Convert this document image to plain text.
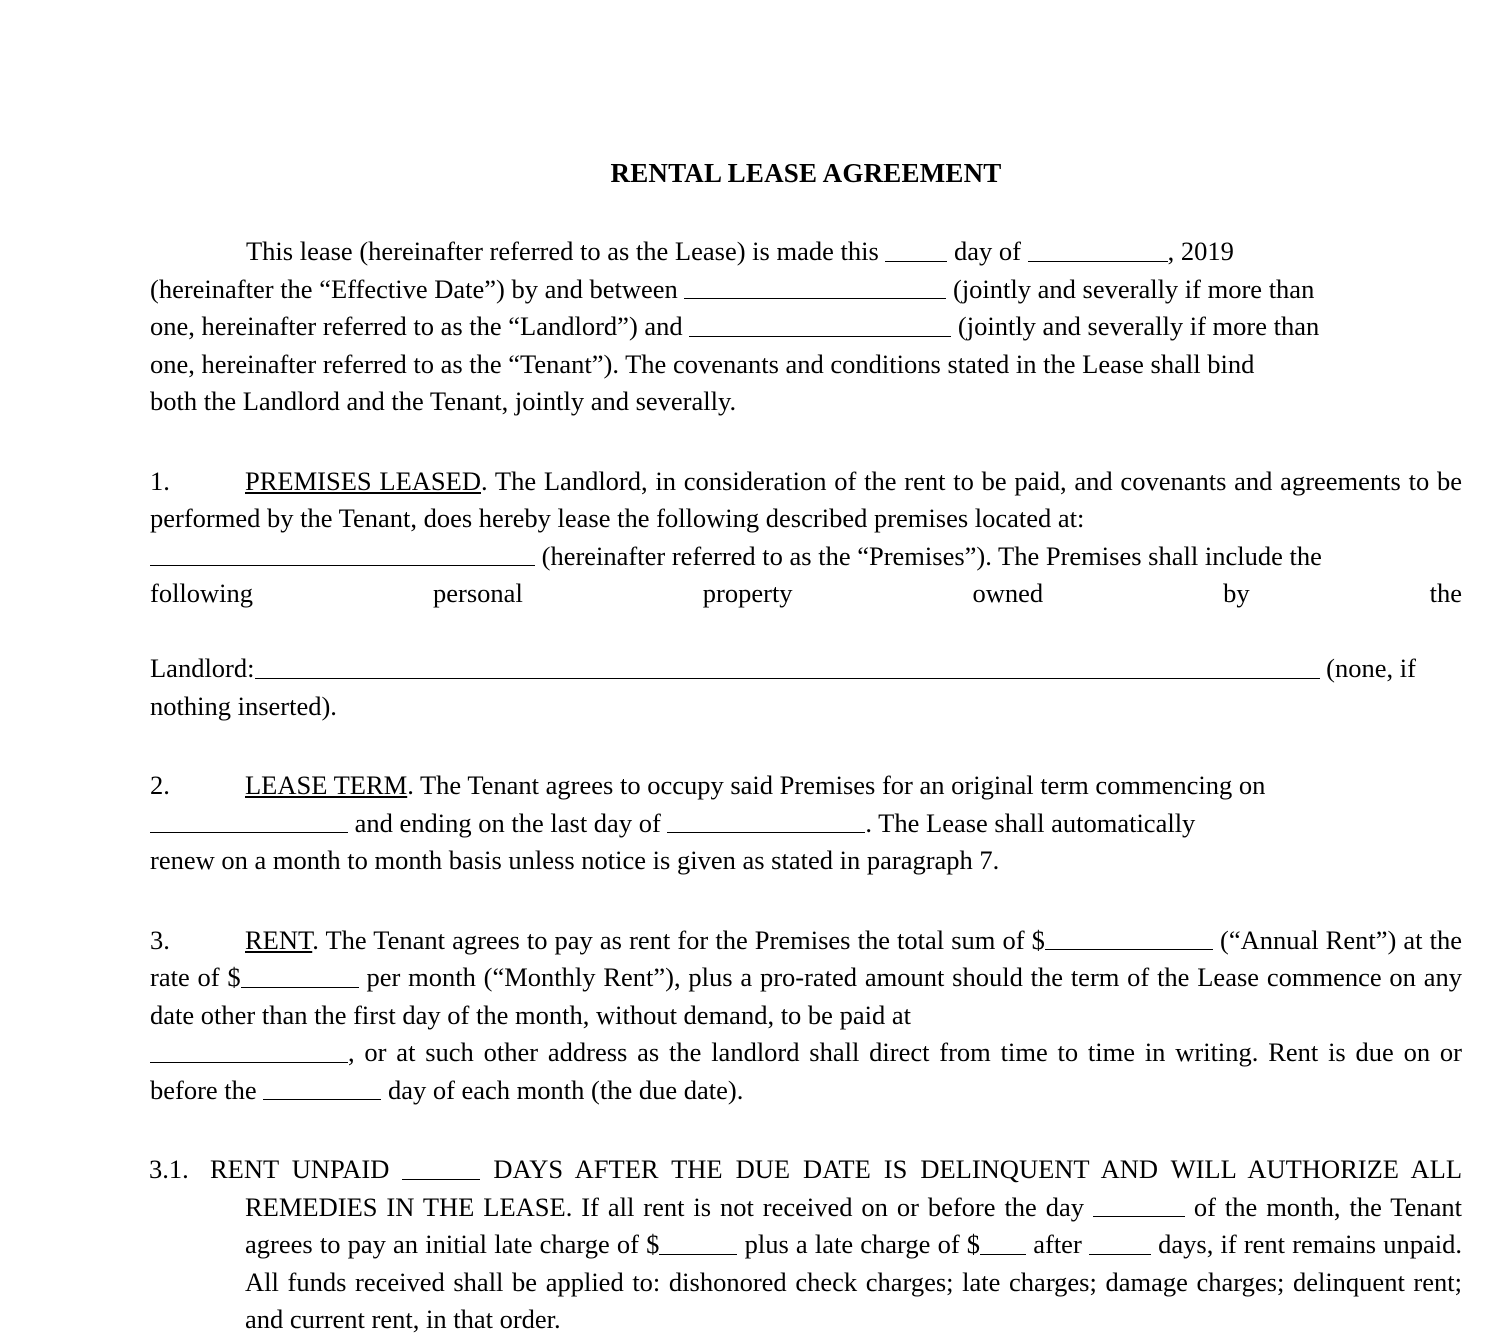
RENTAL LEASE AGREEMENT

This lease (hereinafter referred to as the Lease) is made this	day of	, 2019
(hereinafter the “Effective Date”) by and between	(jointly and severally if more than
one, hereinafter referred to as the “Landlord”) and	(jointly and severally if more than
one, hereinafter referred to as the “Tenant”). The covenants and conditions stated in the Lease shall bind
both the Landlord and the Tenant, jointly and severally.

1.	PREMISES LEASED. The Landlord, in consideration of the rent to be paid, and covenants and agreements to be performed by the Tenant, does hereby lease the following described premises located at:

(hereinafter referred to as the “Premises”). The Premises shall include the

following	personal	property	owned	by	the

Landlord:	(none, if

nothing inserted).

2.	LEASE TERM. The Tenant agrees to occupy said Premises for an original term commencing on

and ending on the last day of	. The Lease shall automatically

renew on a month to month basis unless notice is given as stated in paragraph 7.

3.	RENT. The Tenant agrees to pay as rent for the Premises the total sum of $	(“Annual Rent”) at the rate of $	per month (“Monthly Rent”), plus a pro-rated amount should the term of the Lease commence on any date other than the first day of the month, without demand, to be paid at

, or at such other address as the landlord shall direct from time to time in writing. Rent is due on or before the	day of each month (the due date).

3.1. RENT UNPAID	DAYS AFTER THE DUE DATE IS DELINQUENT AND WILL AUTHORIZE ALL REMEDIES IN THE LEASE. If all rent is not received on or before the day	of the month, the Tenant agrees to pay an initial late charge of $	plus a late charge of $ after	days, if rent remains unpaid. All funds received shall be applied to: dishonored check charges; late charges; damage charges; delinquent rent; and current rent, in that order.
